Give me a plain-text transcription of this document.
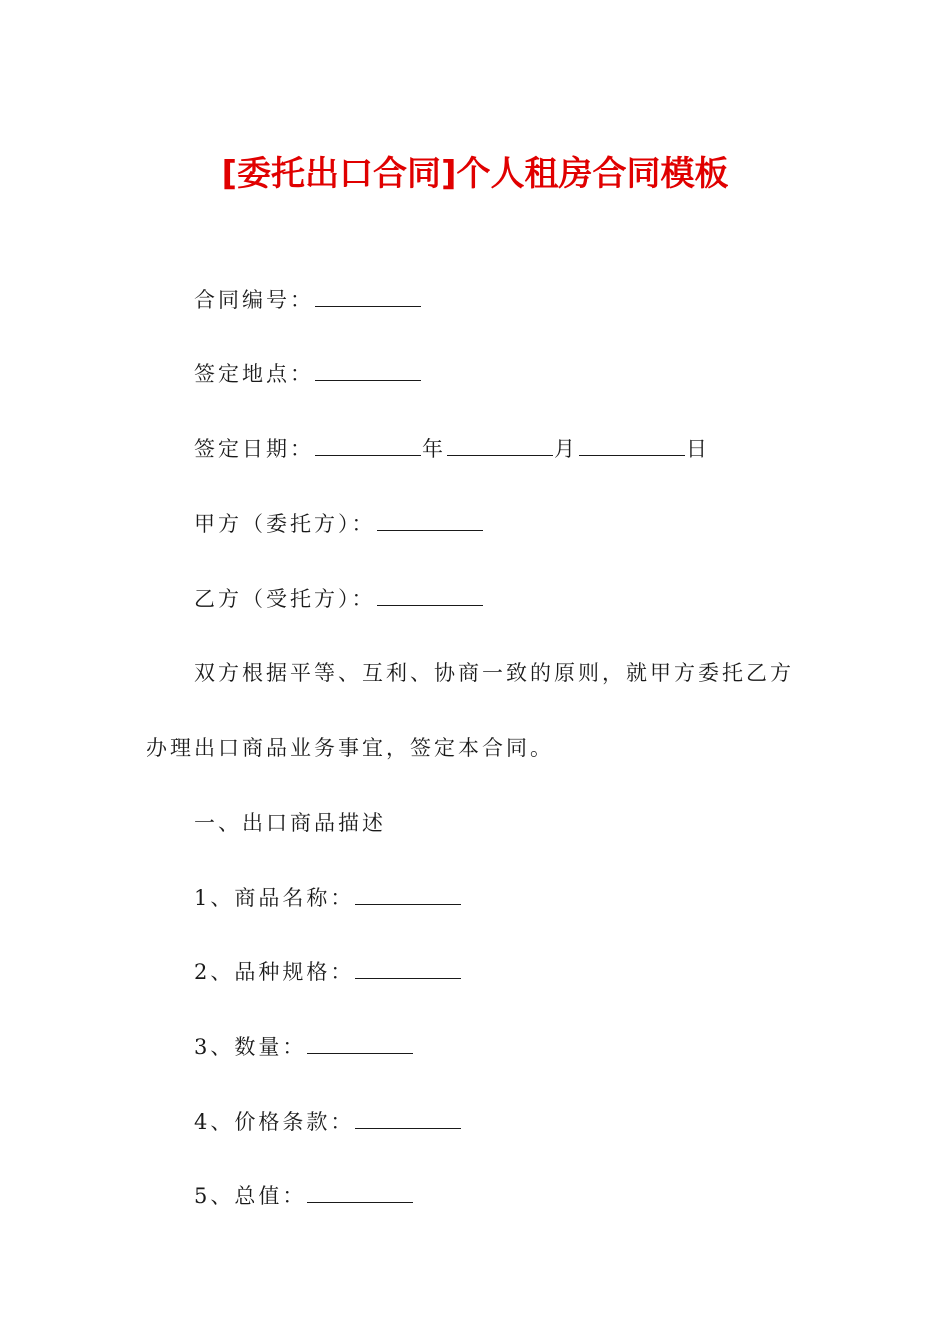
[委托出口合同]个人租房合同模板
合同编号：
签定地点：
签定日期：	年	月	日
甲方（委托方）：
乙方（受托方）：
双方根据平等、互利、协商一致的原则，就甲方委托乙方
办理出口商品业务事宜，签定本合同。
一、出口商品描述
1、商品名称：
2、品种规格：
3、数量：
4、价格条款：
5、总值：
